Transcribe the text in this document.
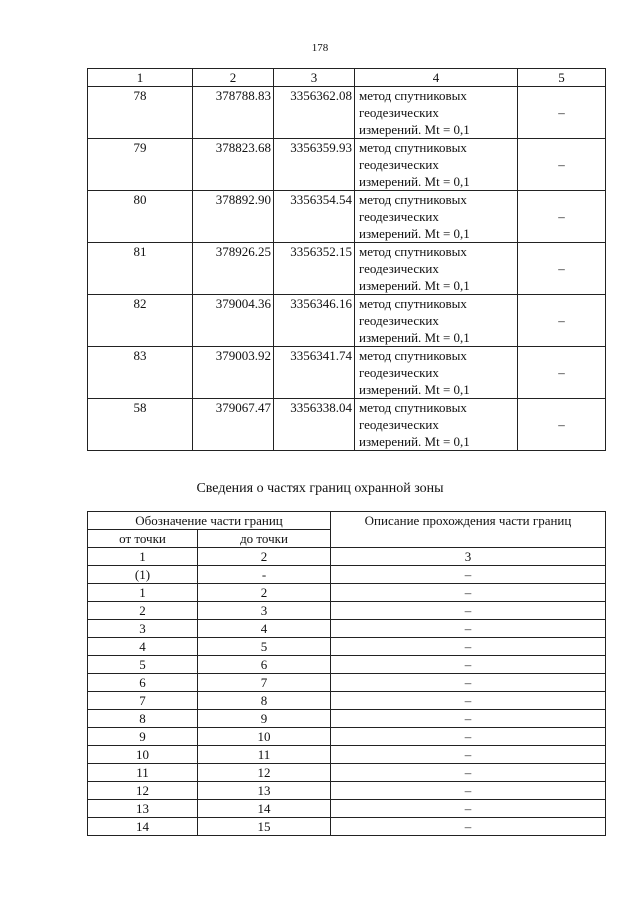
178
1	2	3	4	5
78	378788.83	3356362.08	метод спутниковых
геодезических
измерений. Mt = 0,1	–
79	378823.68	3356359.93	метод спутниковых
геодезических
измерений. Mt = 0,1	–
80	378892.90	3356354.54	метод спутниковых
геодезических
измерений. Mt = 0,1	–
81	378926.25	3356352.15	метод спутниковых
геодезических
измерений. Mt = 0,1	–
82	379004.36	3356346.16	метод спутниковых
геодезических
измерений. Mt = 0,1	–
83	379003.92	3356341.74	метод спутниковых
геодезических
измерений. Mt = 0,1	–
58	379067.47	3356338.04	метод спутниковых
геодезических
измерений. Mt = 0,1	–
Сведения о частях границ охранной зоны
Обозначение части границ		Описание прохождения части границ
от точки	до точки	
1	2	3
(1)	-	–
1	2	–
2	3	–
3	4	–
4	5	–
5	6	–
6	7	–
7	8	–
8	9	–
9	10	–
10	11	–
11	12	–
12	13	–
13	14	–
14	15	–
